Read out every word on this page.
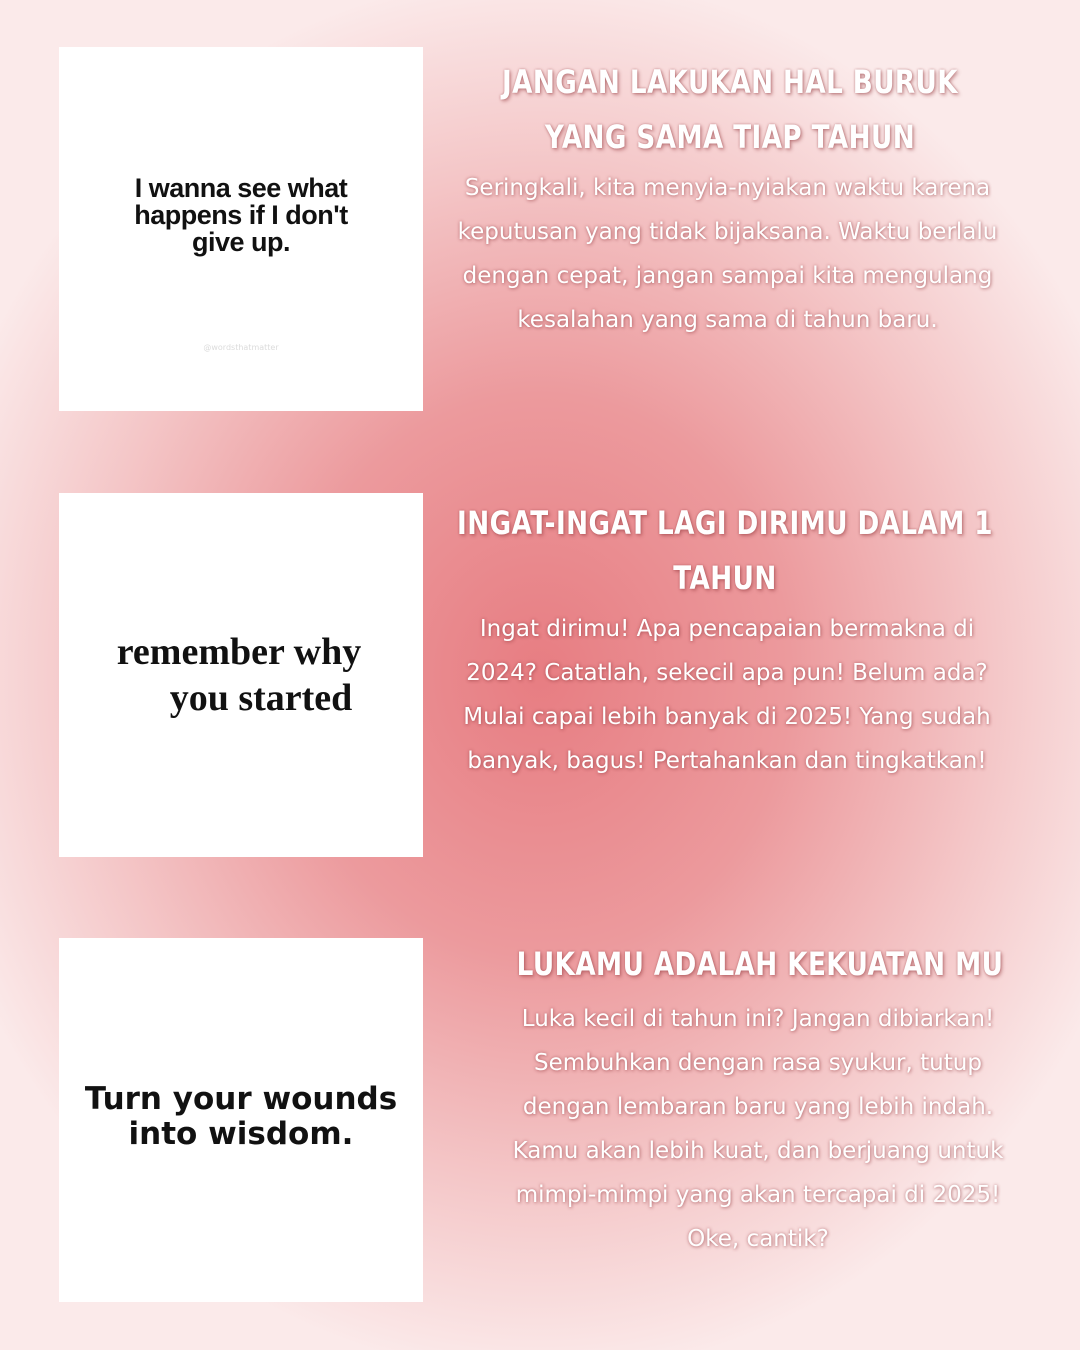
I wanna see what happens if I don't give up.
@wordsthatmatter
JANGAN LAKUKAN HAL BURUK YANG SAMA TIAP TAHUN
Seringkali, kita menyia-nyiakan waktu karena keputusan yang tidak bijaksana. Waktu berlalu dengan cepat, jangan sampai kita mengulang kesalahan yang sama di tahun baru.
remember why
you started
INGAT-INGAT LAGI DIRIMU DALAM 1 TAHUN
Ingat dirimu! Apa pencapaian bermakna di 2024? Catatlah, sekecil apa pun! Belum ada? Mulai capai lebih banyak di 2025! Yang sudah banyak, bagus! Pertahankan dan tingkatkan!
Turn your wounds into wisdom.
LUKAMU ADALAH KEKUATAN MU
Luka kecil di tahun ini? Jangan dibiarkan! Sembuhkan dengan rasa syukur, tutup dengan lembaran baru yang lebih indah. Kamu akan lebih kuat, dan berjuang untuk mimpi-mimpi yang akan tercapai di 2025! Oke, cantik?
